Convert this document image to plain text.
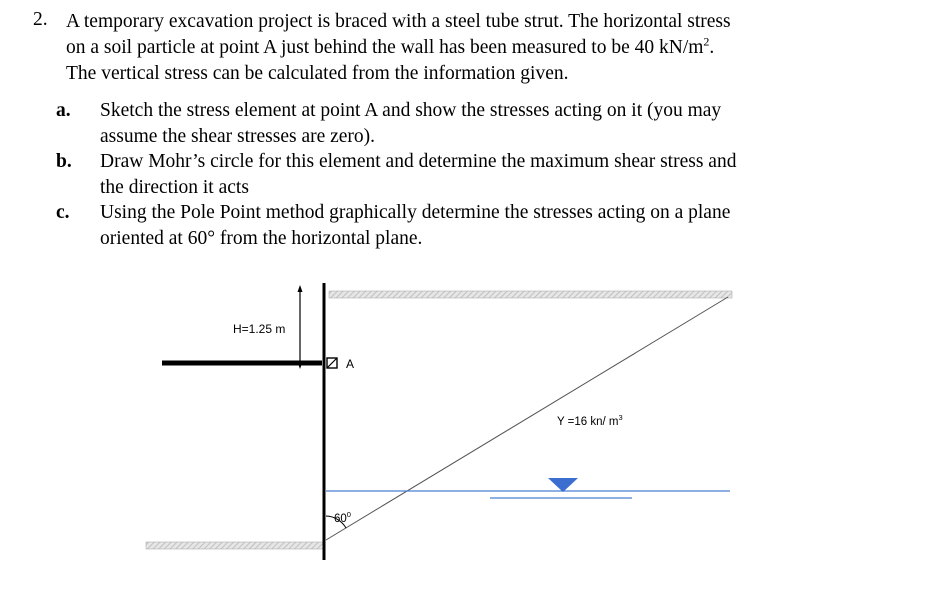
2. A temporary excavation project is braced with a steel tube strut. The horizontal stress
on a soil particle at point A just behind the wall has been measured to be 40 $kN/m^2$.
The vertical stress can be calculated from the information given.
a. Sketch the stress element at point A and show the stresses acting on it (you may
assume the shear stresses are zero).
b. Draw Mohr’s circle for this element and determine the maximum shear stress and
the direction it acts
c. Using the Pole Point method graphically determine the stresses acting on a plane
oriented at 60° from the horizontal plane.
H=1.25 m
A
Y =16 kn/ $m^3$
$60^0$
